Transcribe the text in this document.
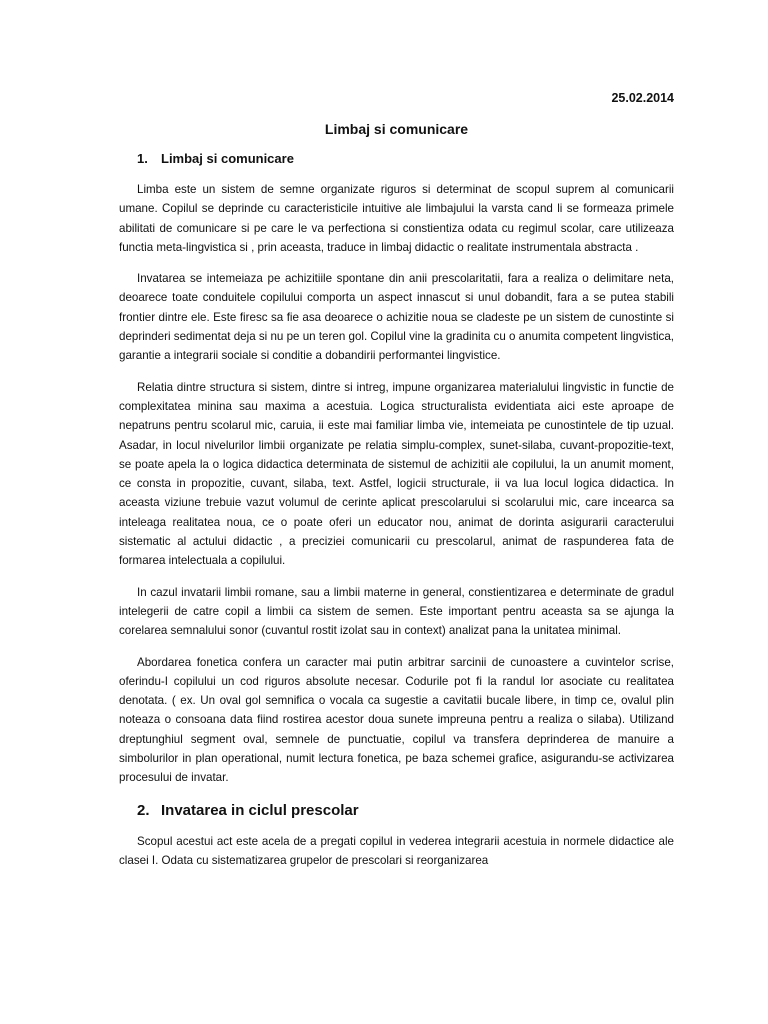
25.02.2014
Limbaj si comunicare
1. Limbaj si comunicare

Limba este un sistem de semne organizate riguros si determinat de scopul suprem al comunicarii umane. Copilul se deprinde cu caracteristicile intuitive ale limbajului la varsta cand li se formeaza primele abilitati de comunicare si pe care le va perfectiona si constientiza odata cu regimul scolar, care utilizeaza functia meta-lingvistica si , prin aceasta, traduce in limbaj didactic o realitate instrumentala abstracta .

Invatarea se intemeiaza pe achizitiile spontane din anii prescolaritatii, fara a realiza o delimitare neta, deoarece toate conduitele copilului comporta un aspect innascut si unul dobandit, fara a se putea stabili frontier dintre ele. Este firesc sa fie asa deoarece o achizitie noua se cladeste pe un sistem de cunostinte si deprinderi sedimentat deja si nu pe un teren gol. Copilul vine la gradinita cu o anumita competent lingvistica, garantie a integrarii sociale si conditie a dobandirii performantei lingvistice.

Relatia dintre structura si sistem, dintre si intreg, impune organizarea materialului lingvistic in functie de complexitatea minina sau maxima a acestuia. Logica structuralista evidentiata aici este aproape de nepatruns pentru scolarul mic, caruia, ii este mai familiar limba vie, intemeiata pe cunostintele de tip uzual. Asadar, in locul nivelurilor limbii organizate pe relatia simplu-complex, sunet-silaba, cuvant-propozitie-text, se poate apela la o logica didactica determinata de sistemul de achizitii ale copilului, la un anumit moment, ce consta in propozitie, cuvant, silaba, text. Astfel, logicii structurale, ii va lua locul logica didactica. In aceasta viziune trebuie vazut volumul de cerinte aplicat prescolarului si scolarului mic, care incearca sa inteleaga realitatea noua, ce o poate oferi un educator nou, animat de dorinta asigurarii caracterului sistematic al actului didactic , a preciziei comunicarii cu prescolarul, animat de raspunderea fata de formarea intelectuala a copilului.

In cazul invatarii limbii romane, sau a limbii materne in general, constientizarea e determinate de gradul intelegerii de catre copil a limbii ca sistem de semen. Este important pentru aceasta sa se ajunga la corelarea semnalului sonor (cuvantul rostit izolat sau in context) analizat pana la unitatea minimal.

Abordarea fonetica confera un caracter mai putin arbitrar sarcinii de cunoastere a cuvintelor scrise, oferindu-I copilului un cod riguros absolute necesar. Codurile pot fi la randul lor asociate cu realitatea denotata. ( ex. Un oval gol semnifica o vocala ca sugestie a cavitatii bucale libere, in timp ce, ovalul plin noteaza o consoana data fiind rostirea acestor doua sunete impreuna pentru a realiza o silaba). Utilizand dreptunghiul segment oval, semnele de punctuatie, copilul va transfera deprinderea de manuire a simbolurilor in plan operational, numit lectura fonetica, pe baza schemei grafice, asigurandu-se activizarea procesului de invatar.

2. Invatarea in ciclul prescolar

Scopul acestui act este acela de a pregati copilul in vederea integrarii acestuia in normele didactice ale clasei I. Odata cu sistematizarea grupelor de prescolari si reorganizarea
